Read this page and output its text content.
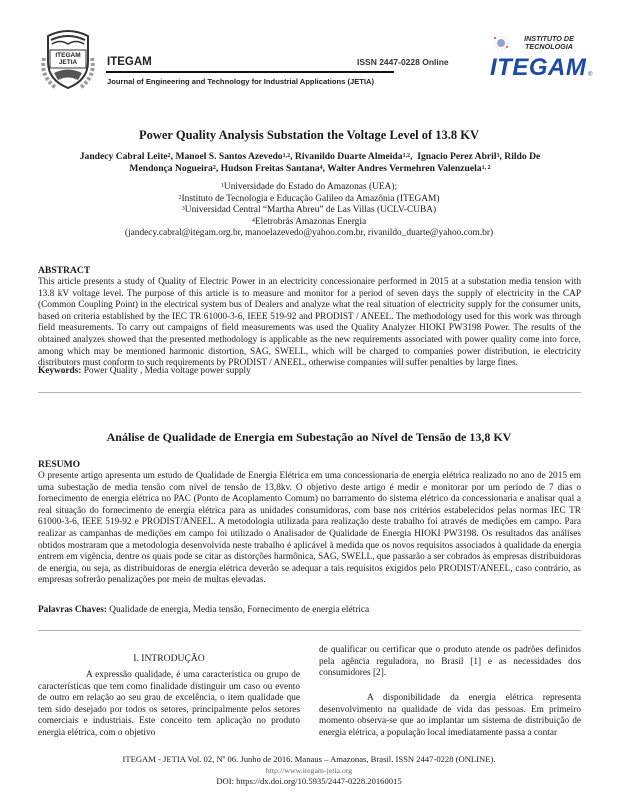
ITEGAM
JETIA	ITEGAM	ISSN 2447-0228 Online
Journal of Engineering and Technology for Industrial Applications (JETIA)
INSTITUTO DE
TECNOLOGIA
ITEGAM ®
Power Quality Analysis Substation the Voltage Level of 13.8 KV
Jandecy Cabral Leite$^2$, Manoel S. Santos Azevedo$^{1,2}$, Rivanildo Duarte Almeida$^{1,2}$,  Ignacio Perez Abril$^3$, Rildo De Mendonça Nogueira$^2$, Hudson Freitas Santana$^4$, Walter Andres Vermehren Valenzuela$^{1, 2}$
$^1$Universidade do Estado do Amazonas (UEA);
$^2$Instituto de Tecnologia e Educação Galileo da Amazônia (ITEGAM)
$^3$Universidad Central “Martha Abreu” de Las Villas (UCLV-CUBA)
$^4$Eletrobrás Amazonas Energia
(jandecy.cabral@itegam.org.br, manoelazevedo@yahoo.com.br, rivanildo_duarte@yahoo.com.br)
ABSTRACT
This article presents a study of Quality of Electric Power in an electricity concessionaire performed in 2015 at a substation media tension with 13.8 kV voltage level. The purpose of this article is to measure and monitor for a period of seven days the supply of electricity in the CAP (Common Coupling Point) in the electrical system bus of Dealers and analyze what the real situation of electricity supply for the consumer units, based on criteria established by the IEC TR 61000-3-6, IEEE 519-92 and PRODIST / ANEEL. The methodology used for this work was through field measurements. To carry out campaigns of field measurements was used the Quality Analyzer HIOKI PW3198 Power. The results of the obtained analyzes showed that the presented methodology is applicable as the new requirements associated with power quality come into force, among which may be mentioned harmonic distortion, SAG, SWELL, which will be charged to companies power distribution, ie electricity distributors must conform to such requirements by PRODIST / ANEEL, otherwise companies will suffer penalties by large fines.
Keywords: Power Quality , Media voltage power supply
Análise de Qualidade de Energia em Subestação ao Nível de Tensão de 13,8 KV
RESUMO
O presente artigo apresenta um estudo de Qualidade de Energia Elétrica em uma concessionaria de energia elétrica realizado no ano de 2015 em uma subestação de media tensão com nível de tensão de 13,8kv. O objetivo deste artigo é medir e monitorar por um período de 7 dias o fornecimento de energia elétrica no PAC (Ponto de Acoplamento Comum) no barramento do sistema elétrico da concessionaria e analisar qual a real situação do fornecimento de energia elétrica para as unidades consumidoras, com base nos critérios estabelecidos pelas normas IEC TR 61000-3-6, IEEE 519-92 e PRODIST/ANEEL. A metodologia utilizada para realização deste trabalho foi através de medições em campo. Para realizar as campanhas de medições em campo foi utilizado o Analisador de Qualidade de Energia HIOKI PW3198. Os resultados das análises obtidos mostraram que a metodologia desenvolvida neste trabalho é aplicável à medida que os novos requisitos associados à qualidade da energia entrem em vigência, dentre os quais pode se citar as distorções harmônica, SAG, SWELL, que passarão a ser cobrados às empresas distribuidoras de energia, ou seja, as distribuidoras de energia elétrica deverão se adequar a tais requisitos exigidos pelo PRODIST/ANEEL, caso contrário, as empresas sofrerão penalizações por meio de multas elevadas.
Palavras Chaves: Qualidade de energia, Media tensão, Fornecimento de energia elétrica
I. INTRODUÇÃO
A expressão qualidade, é uma característica ou grupo de características que tem como finalidade distinguir um caso ou evento de outro em relação ao seu grau de excelência, o item qualidade que tem sido desejado por todos os setores, principalmente pelos setores comerciais e industriais. Este conceito tem aplicação no produto energia elétrica, com o objetivo
de qualificar ou certificar que o produto atende os padrões definidos pela agência reguladora, no Brasil [1] e as necessidades dos consumidores [2].
A disponibilidade da energia elétrica representa desenvolvimento na qualidade de vida das pessoas. Em primeiro momento observa-se que ao implantar um sistema de distribuição de energia elétrica, a população local imediatamente passa a contar
ITEGAM - JETIA Vol. 02, Nº 06. Junho de 2016. Manaus – Amazonas, Brasil. ISSN 2447-0228 (ONLINE).
http://www.itegam-jetia.org
DOI: https://dx.doi.org/10.5935/2447-0228.20160015
